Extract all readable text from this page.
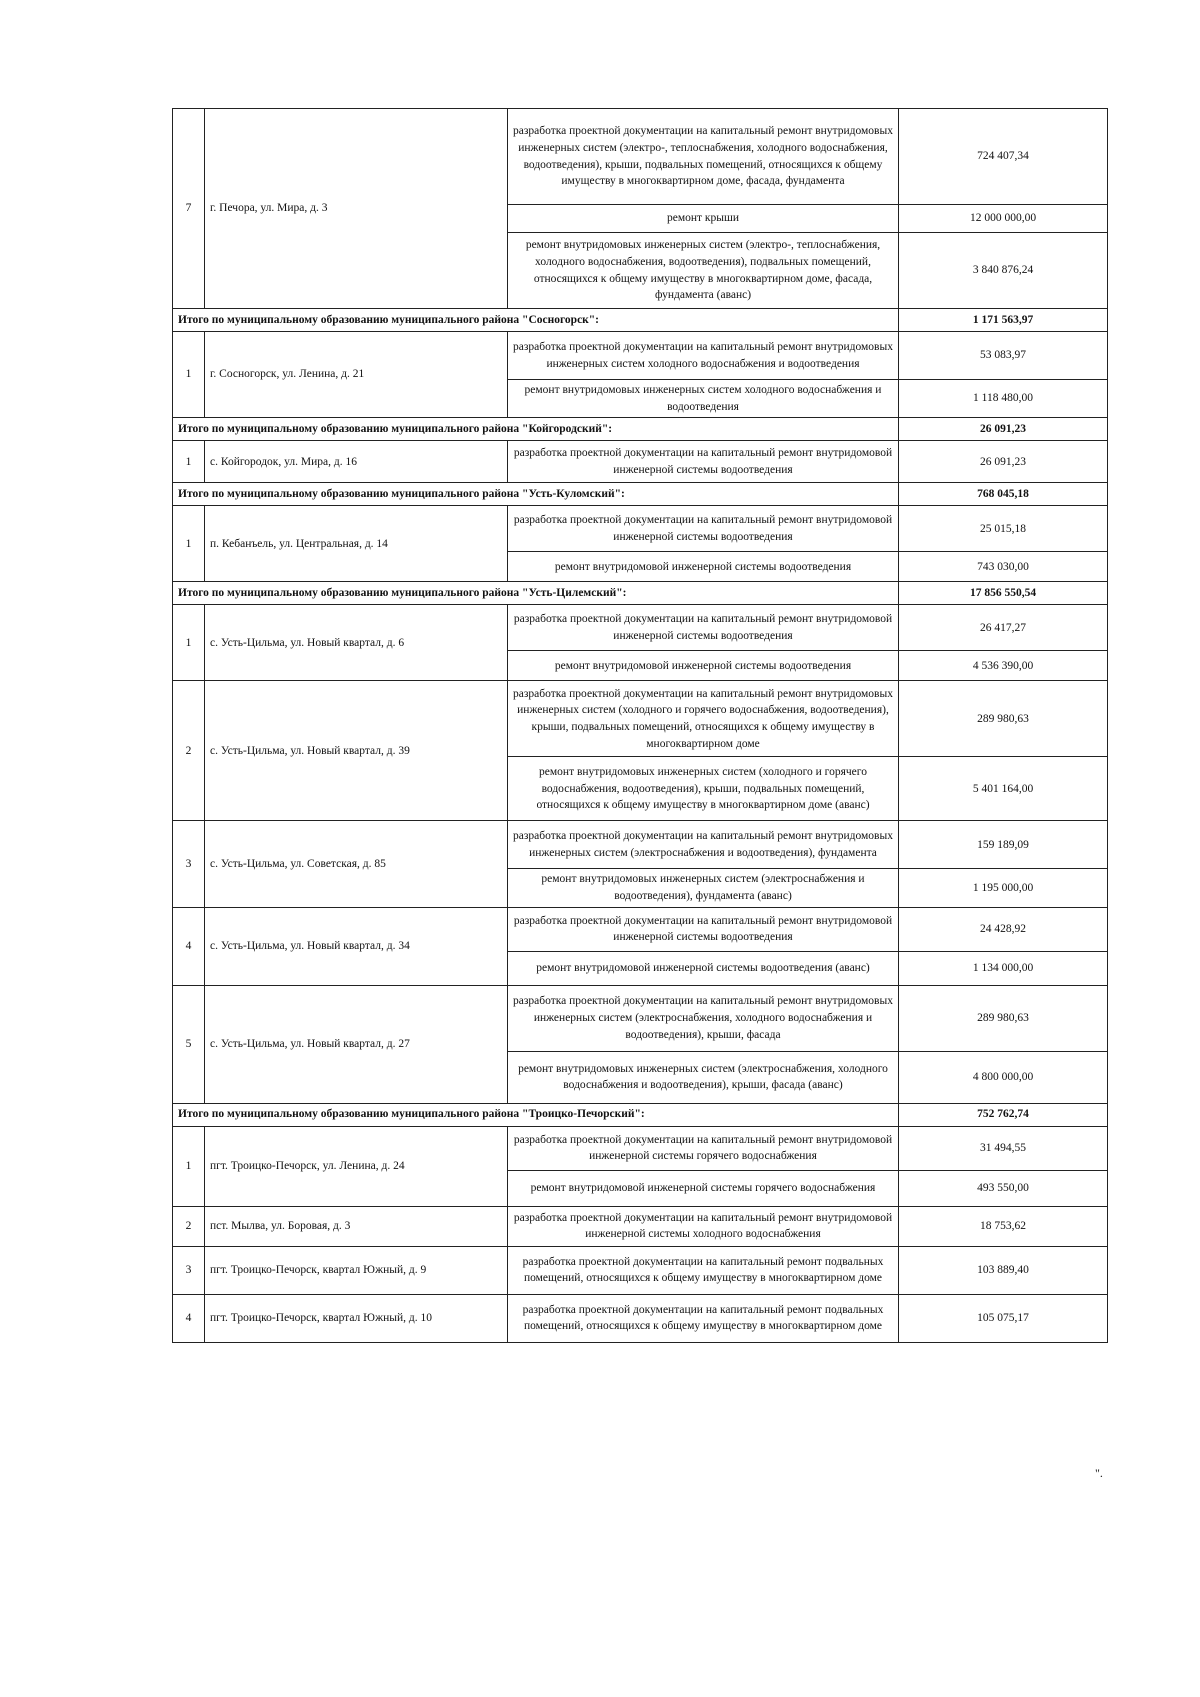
7	г. Печора, ул. Мира, д. 3	разработка проектной документации на капитальный ремонт внутридомовых инженерных систем (электро-, теплоснабжения, холодного водоснабжения, водоотведения), крыши, подвальных помещений, относящихся к общему имуществу в многоквартирном доме, фасада, фундамента	724 407,34
		ремонт крыши	12 000 000,00
		ремонт внутридомовых инженерных систем (электро-, теплоснабжения, холодного водоснабжения, водоотведения), подвальных помещений, относящихся к общему имуществу в многоквартирном доме, фасада, фундамента (аванс)	3 840 876,24
Итого по муниципальному образованию муниципального района "Сосногорск":			1 171 563,97
1	г. Сосногорск, ул. Ленина, д. 21	разработка проектной документации на капитальный ремонт внутридомовых инженерных систем холодного водоснабжения и водоотведения	53 083,97
		ремонт внутридомовых инженерных систем холодного водоснабжения и водоотведения	1 118 480,00
Итого по муниципальному образованию муниципального района "Койгородский":			26 091,23
1	с. Койгородок, ул. Мира, д. 16	разработка проектной документации на капитальный ремонт внутридомовой инженерной системы водоотведения	26 091,23
Итого по муниципальному образованию муниципального района "Усть-Куломский":			768 045,18
1	п. Кебанъель, ул. Центральная, д. 14	разработка проектной документации на капитальный ремонт внутридомовой инженерной системы водоотведения	25 015,18
		ремонт внутридомовой инженерной системы водоотведения	743 030,00
Итого по муниципальному образованию муниципального района "Усть-Цилемский":			17 856 550,54
1	с. Усть-Цильма, ул. Новый квартал, д. 6	разработка проектной документации на капитальный ремонт внутридомовой инженерной системы водоотведения	26 417,27
		ремонт внутридомовой инженерной системы водоотведения	4 536 390,00
2	с. Усть-Цильма, ул. Новый квартал, д. 39	разработка проектной документации на капитальный ремонт внутридомовых инженерных систем (холодного и горячего водоснабжения, водоотведения), крыши, подвальных помещений, относящихся к общему имуществу в многоквартирном доме	289 980,63
		ремонт внутридомовых инженерных систем (холодного и горячего водоснабжения, водоотведения), крыши, подвальных помещений, относящихся к общему имуществу в многоквартирном доме (аванс)	5 401 164,00
3	с. Усть-Цильма, ул. Советская, д. 85	разработка проектной документации на капитальный ремонт внутридомовых инженерных систем (электроснабжения и водоотведения), фундамента	159 189,09
		ремонт внутридомовых инженерных систем (электроснабжения и водоотведения), фундамента (аванс)	1 195 000,00
4	с. Усть-Цильма, ул. Новый квартал, д. 34	разработка проектной документации на капитальный ремонт внутридомовой инженерной системы водоотведения	24 428,92
		ремонт внутридомовой инженерной системы водоотведения (аванс)	1 134 000,00
5	с. Усть-Цильма, ул. Новый квартал, д. 27	разработка проектной документации на капитальный ремонт внутридомовых инженерных систем (электроснабжения, холодного водоснабжения и водоотведения), крыши, фасада	289 980,63
		ремонт внутридомовых инженерных систем (электроснабжения, холодного водоснабжения и водоотведения), крыши, фасада (аванс)	4 800 000,00
Итого по муниципальному образованию муниципального района "Троицко-Печорский":			752 762,74
1	пгт. Троицко-Печорск, ул. Ленина, д. 24	разработка проектной документации на капитальный ремонт внутридомовой инженерной системы горячего водоснабжения	31 494,55
		ремонт внутридомовой инженерной системы горячего водоснабжения	493 550,00
2	пст. Мылва, ул. Боровая, д. 3	разработка проектной документации на капитальный ремонт внутридомовой инженерной системы холодного водоснабжения	18 753,62
3	пгт. Троицко-Печорск, квартал Южный, д. 9	разработка проектной документации на капитальный ремонт подвальных помещений, относящихся к общему имуществу в многоквартирном доме	103 889,40
4	пгт. Троицко-Печорск, квартал Южный, д. 10	разработка проектной документации на капитальный ремонт подвальных помещений, относящихся к общему имуществу в многоквартирном доме	105 075,17
".
